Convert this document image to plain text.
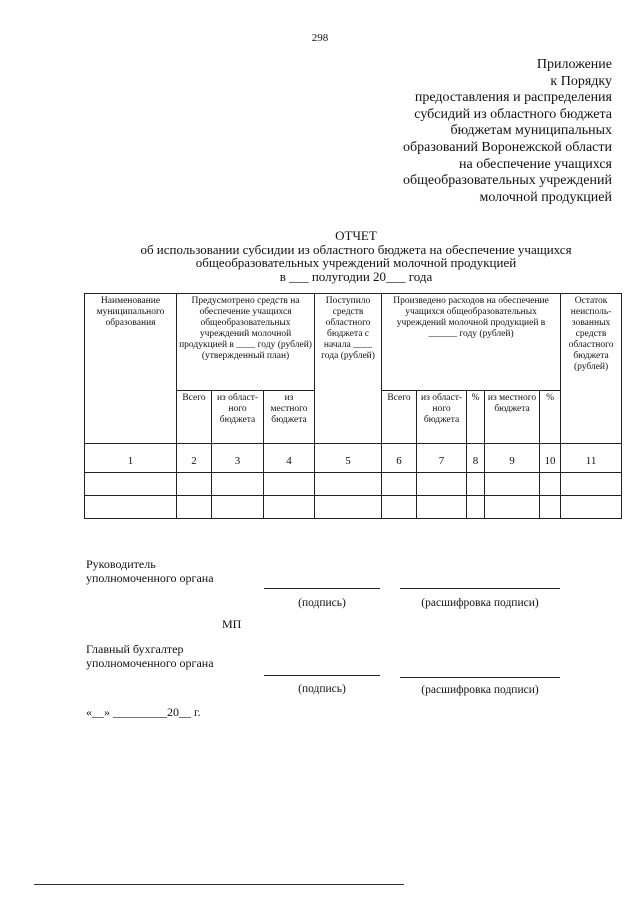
298
Приложение
к Порядку
предоставления и распределения
субсидий из областного бюджета
бюджетам муниципальных
образований Воронежской области
на обеспечение учащихся
общеобразовательных учреждений
молочной продукцией
ОТЧЕТ
об использовании субсидии из областного бюджета на обеспечение учащихся
общеобразовательных учреждений молочной продукцией
в ___ полугодии 20___ года
Наименование муниципального образования	Предусмотрено средств на обеспечение учащихся общеобразовательных учреждений молочной продукцией в ____ году (рублей) (утвержденный план)			Поступило средств областного бюджета с начала ____ года (рублей)	Произведено расходов на обеспечение учащихся общеобразовательных учреждений молочной продукцией в ______ году (рублей)					Остаток неисполь-зованных средств областного бюджета (рублей)
	Всего	из област-ного бюджета	из местного бюджета		Всего	из област-ного бюджета	%	из местного бюджета	%	
1	2	3	4	5	6	7	8	9	10	11

Руководитель
уполномоченного органа
(подпись)	(расшифровка подписи)
МП
Главный бухгалтер
уполномоченного органа
(подпись)	(расшифровка подписи)
«__» _________20__ г.
